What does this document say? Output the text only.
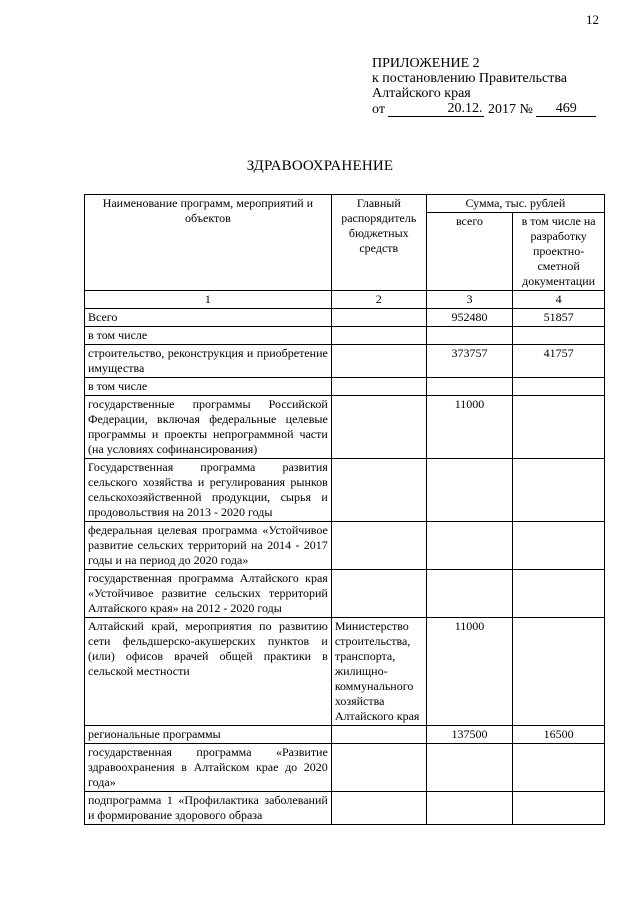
12
ПРИЛОЖЕНИЕ 2
к постановлению Правительства
Алтайского края
от	20.12. 2017 № 469
ЗДРАВООХРАНЕНИЕ
Наименование программ, мероприятий и объектов	Главный распорядитель бюджетных средств	Сумма, тыс. рублей	
		всего	в том числе на разработку проектно-сметной документации
1	2	3	4
Всего		952480	51857
в том числе			
строительство, реконструкция и приобретение имущества		373757	41757
в том числе			
государственные программы Российской Федерации, включая федеральные целевые программы и проекты непрограммной части (на условиях софинансирования)		11000	
Государственная программа развития сельского хозяйства и регулирования рынков сельскохозяйственной продукции, сырья и продовольствия на 2013 - 2020 годы			
федеральная целевая программа «Устойчивое развитие сельских территорий на 2014 - 2017 годы и на период до 2020 года»			
государственная программа Алтайского края «Устойчивое развитие сельских территорий Алтайского края» на 2012 - 2020 годы			
Алтайский край, мероприятия по развитию сети фельдшерско-акушерских пунктов и (или) офисов врачей общей практики в сельской местности	Министерство строительства, транспорта, жилищно-коммунального хозяйства Алтайского края	11000	
региональные программы		137500	16500
государственная программа «Развитие здравоохранения в Алтайском крае до 2020 года»			
подпрограмма 1 «Профилактика заболеваний и формирование здорового образа			
